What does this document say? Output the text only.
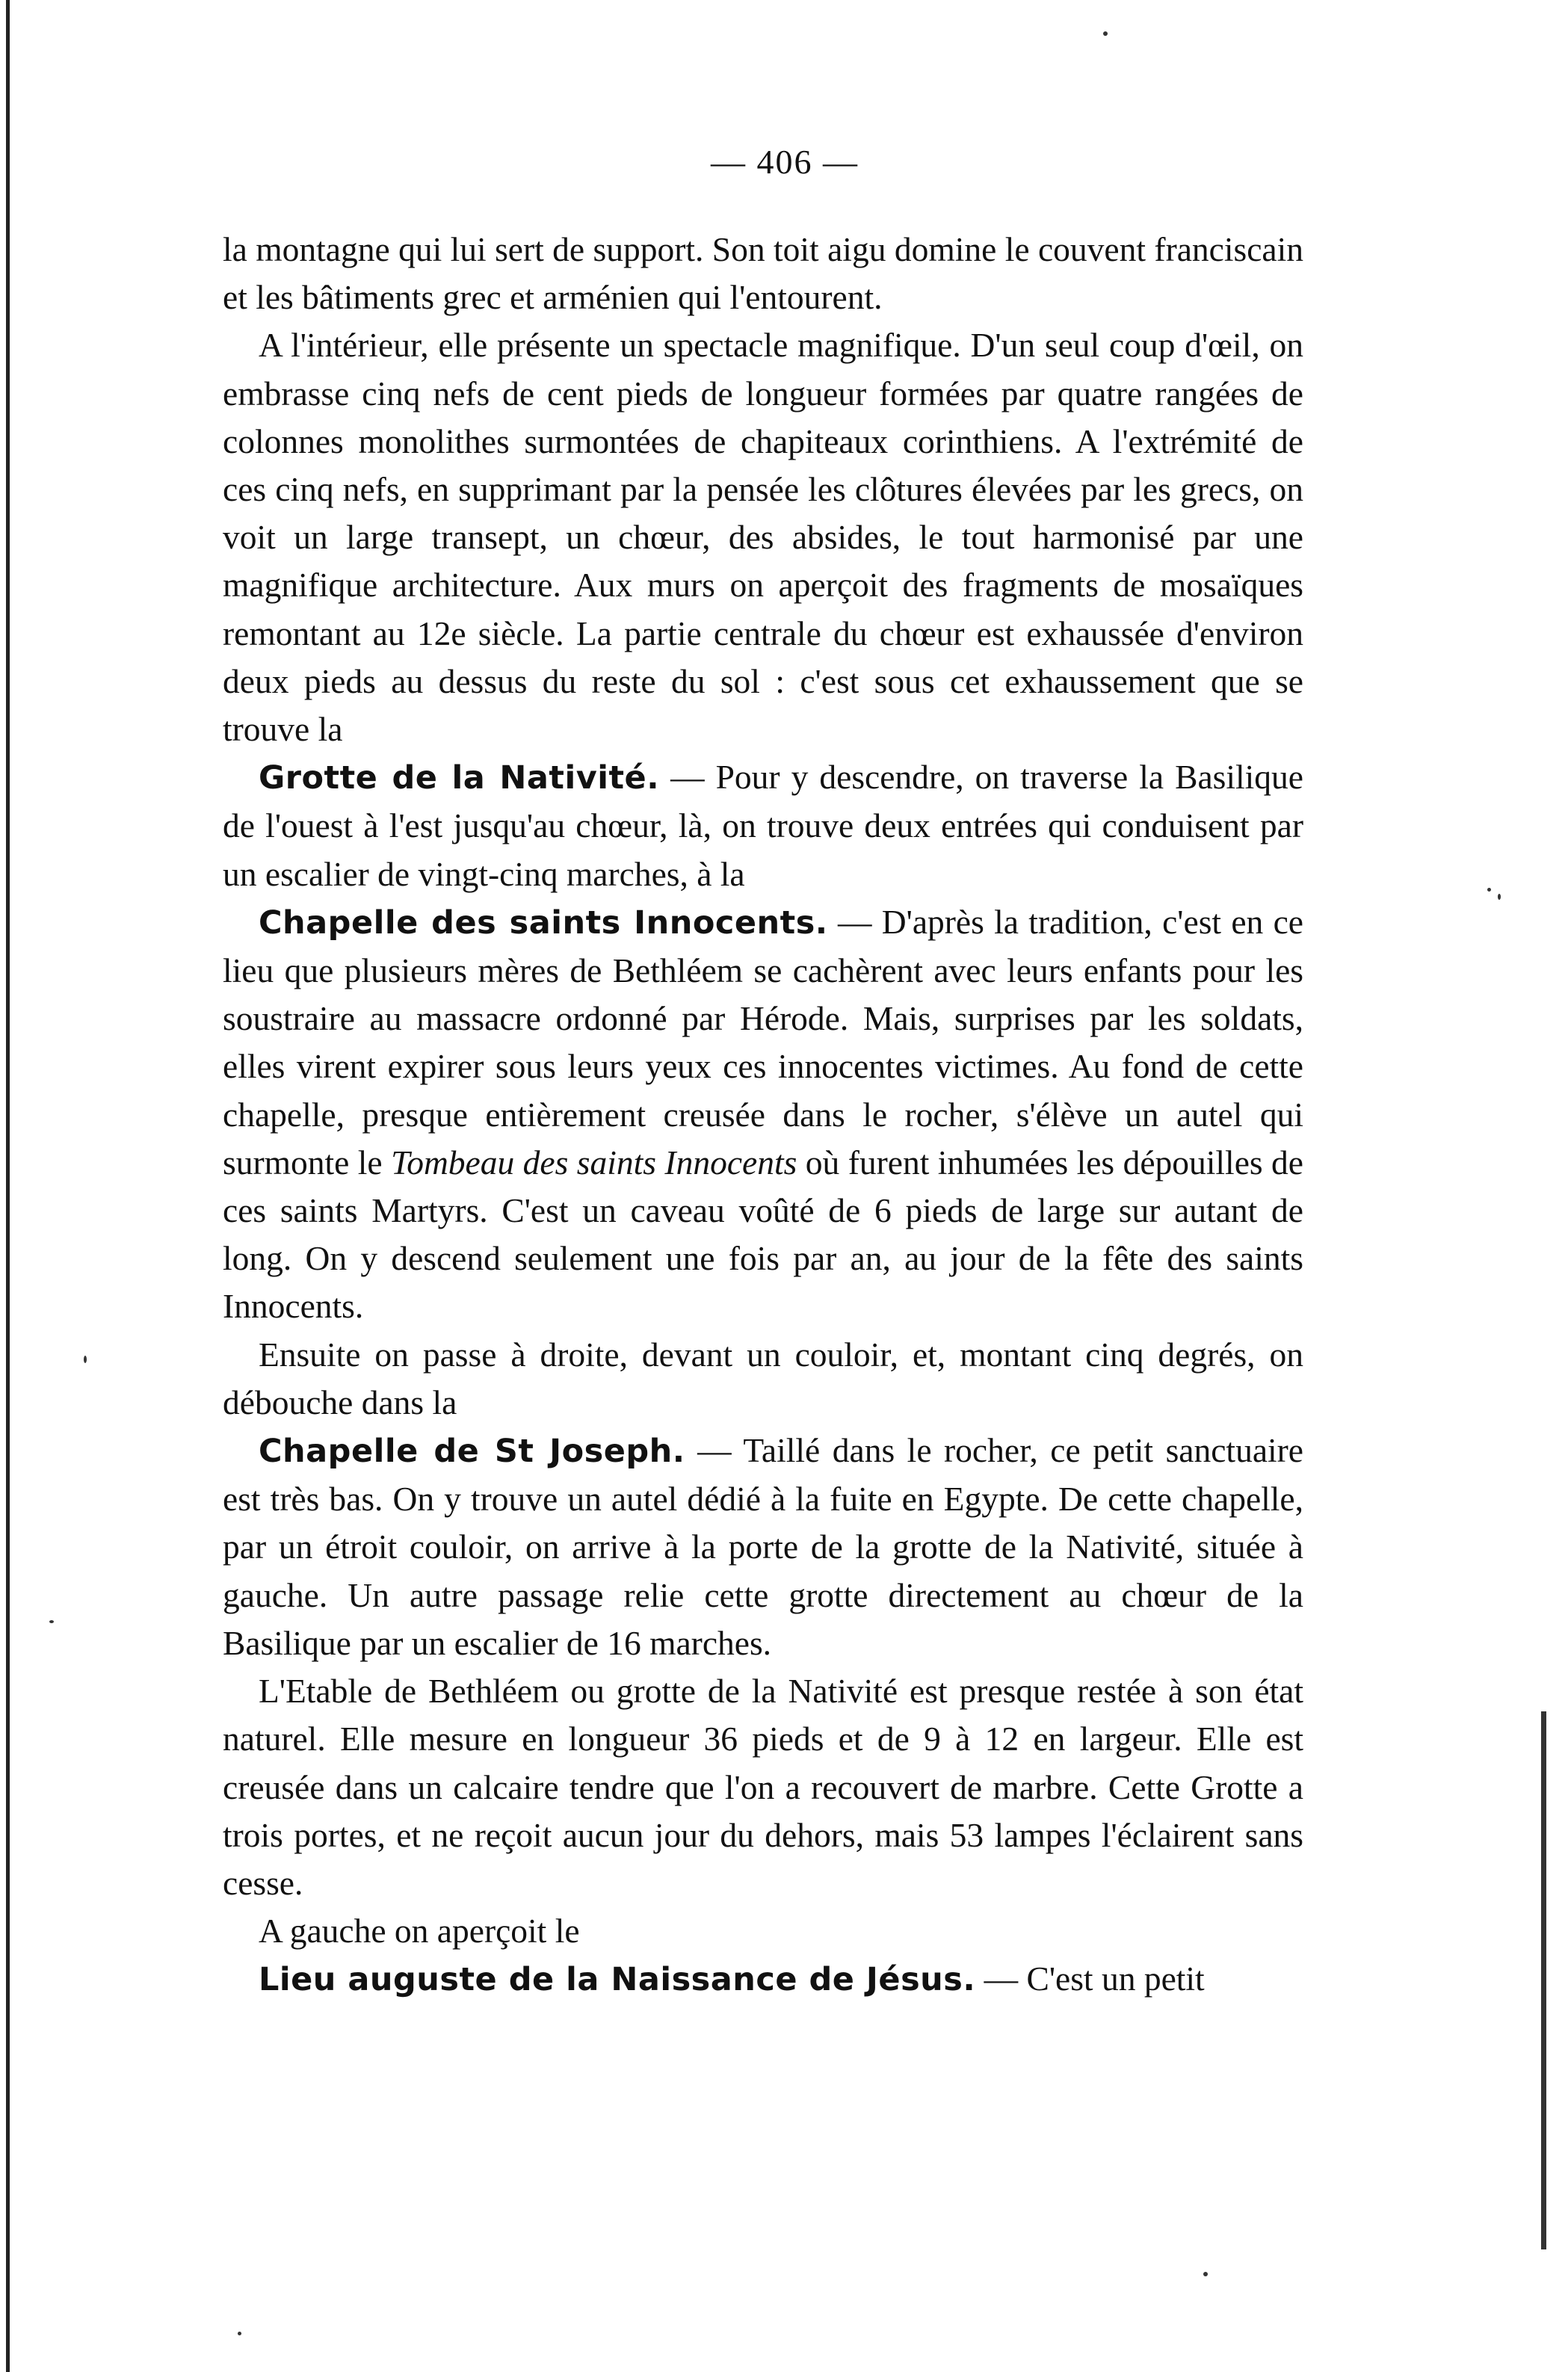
— 406 —

la montagne qui lui sert de support. Son toit aigu domine le couvent franciscain et les bâtiments grec et arménien qui l'entourent.

A l'intérieur, elle présente un spectacle magnifique. D'un seul coup d'œil, on embrasse cinq nefs de cent pieds de longueur formées par quatre rangées de colonnes monolithes surmontées de chapiteaux corinthiens. A l'extrémité de ces cinq nefs, en supprimant par la pensée les clôtures élevées par les grecs, on voit un large transept, un chœur, des absides, le tout harmonisé par une magnifique architecture. Aux murs on aperçoit des fragments de mosaïques remontant au 12e siècle. La partie centrale du chœur est exhaussée d'environ deux pieds au dessus du reste du sol : c'est sous cet exhaussement que se trouve la

Grotte de la Nativité. — Pour y descendre, on traverse la Basilique de l'ouest à l'est jusqu'au chœur, là, on trouve deux entrées qui conduisent par un escalier de vingt-cinq marches, à la

Chapelle des saints Innocents. — D'après la tradition, c'est en ce lieu que plusieurs mères de Bethléem se cachèrent avec leurs enfants pour les soustraire au massacre ordonné par Hérode. Mais, surprises par les soldats, elles virent expirer sous leurs yeux ces innocentes victimes. Au fond de cette chapelle, presque entièrement creusée dans le rocher, s'élève un autel qui surmonte le Tombeau des saints Innocents où furent inhumées les dépouilles de ces saints Martyrs. C'est un caveau voûté de 6 pieds de large sur autant de long. On y descend seulement une fois par an, au jour de la fête des saints Innocents.

Ensuite on passe à droite, devant un couloir, et, montant cinq degrés, on débouche dans la

Chapelle de St Joseph. — Taillé dans le rocher, ce petit sanctuaire est très bas. On y trouve un autel dédié à la fuite en Egypte. De cette chapelle, par un étroit couloir, on arrive à la porte de la grotte de la Nativité, située à gauche. Un autre passage relie cette grotte directement au chœur de la Basilique par un escalier de 16 marches.

L'Etable de Bethléem ou grotte de la Nativité est presque restée à son état naturel. Elle mesure en longueur 36 pieds et de 9 à 12 en largeur. Elle est creusée dans un calcaire tendre que l'on a recouvert de marbre. Cette Grotte a trois portes, et ne reçoit aucun jour du dehors, mais 53 lampes l'éclairent sans cesse.

A gauche on aperçoit le

Lieu auguste de la Naissance de Jésus. — C'est un petit
